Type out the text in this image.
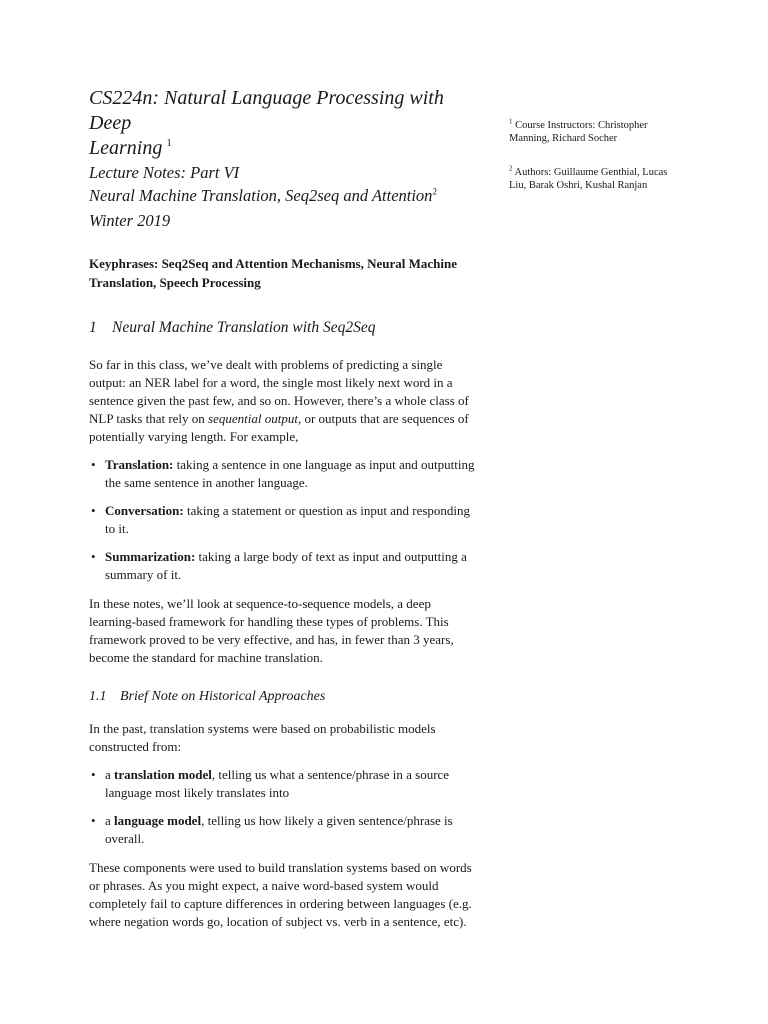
CS224n: Natural Language Processing with Deep
Learning $^1$
Lecture Notes: Part VI
Neural Machine Translation, Seq2seq and Attention$^2$
Winter 2019
Keyphrases: Seq2Seq and Attention Mechanisms, Neural Machine Translation, Speech Processing
1 Neural Machine Translation with Seq2Seq

So far in this class, we’ve dealt with problems of predicting a single output: an NER label for a word, the single most likely next word in a sentence given the past few, and so on. However, there’s a whole class of NLP tasks that rely on sequential output, or outputs that are sequences of potentially varying length. For example,

• Translation: taking a sentence in one language as input and outputting the same sentence in another language.
• Conversation: taking a statement or question as input and responding to it.
• Summarization: taking a large body of text as input and outputting a summary of it.

In these notes, we’ll look at sequence-to-sequence models, a deep learning-based framework for handling these types of problems. This framework proved to be very effective, and has, in fewer than 3 years, become the standard for machine translation.

1.1 Brief Note on Historical Approaches

In the past, translation systems were based on probabilistic models constructed from:

• a translation model, telling us what a sentence/phrase in a source language most likely translates into
• a language model, telling us how likely a given sentence/phrase is overall.

These components were used to build translation systems based on words or phrases. As you might expect, a naive word-based system would completely fail to capture differences in ordering between languages (e.g. where negation words go, location of subject vs. verb in a sentence, etc).

$^1$ Course Instructors: Christopher Manning, Richard Socher
$^2$ Authors: Guillaume Genthial, Lucas Liu, Barak Oshri, Kushal Ranjan
